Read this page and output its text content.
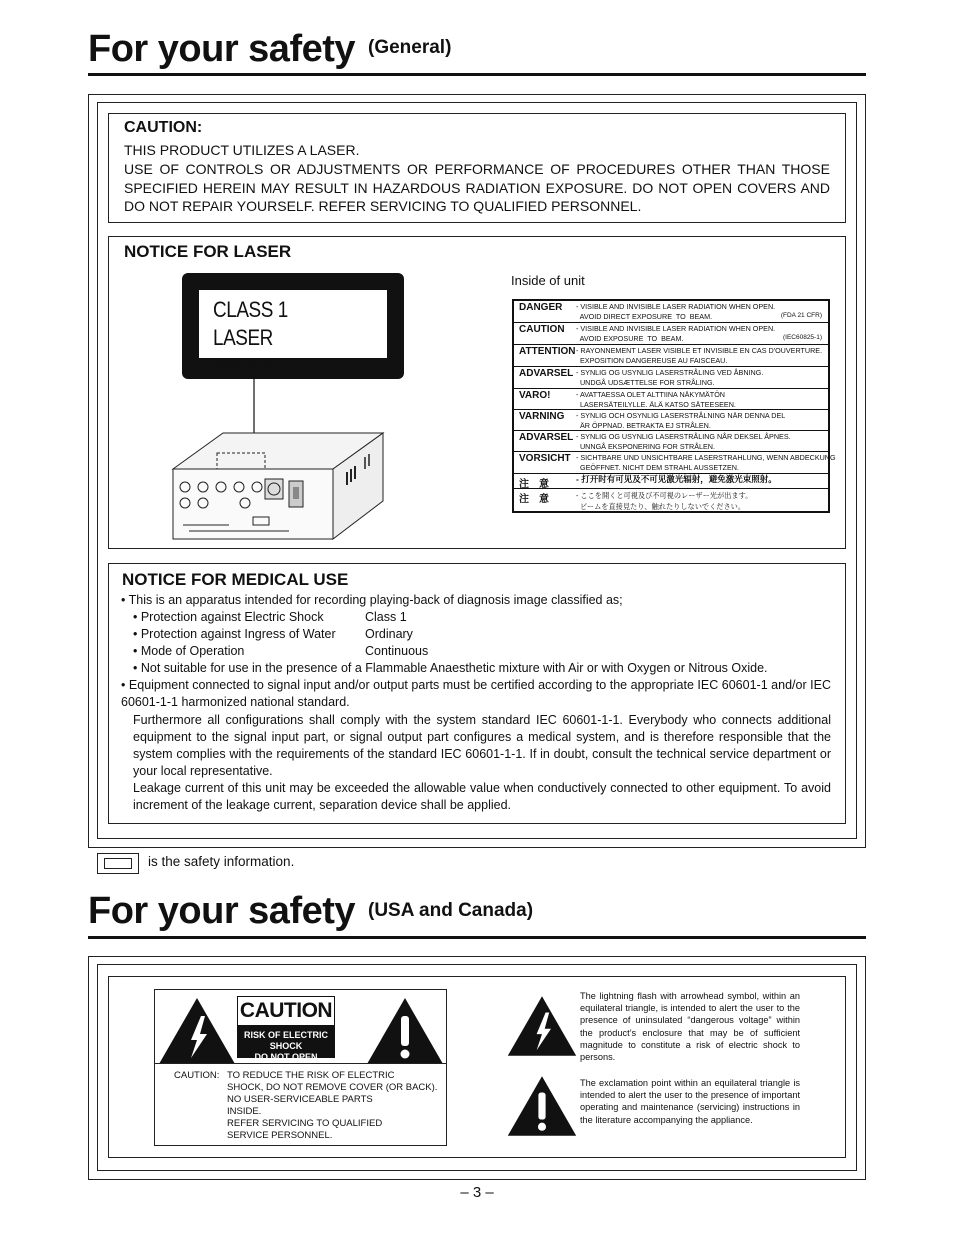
For your safety (General)
CAUTION:

THIS PRODUCT UTILIZES A LASER.

USE OF CONTROLS OR ADJUSTMENTS OR PERFORMANCE OF PROCEDURES OTHER THAN THOSE SPECIFIED HEREIN MAY RESULT IN HAZARDOUS RADIATION EXPOSURE. DO NOT OPEN COVERS AND DO NOT REPAIR YOURSELF. REFER SERVICING TO QUALIFIED PERSONNEL.

NOTICE FOR LASER
CLASS 1
LASER PRODUCT
Inside of unit
DANGER - VISIBLE AND INVISIBLE LASER RADIATION WHEN OPEN.
AVOID DIRECT EXPOSURE  TO  BEAM.	(FDA 21 CFR)
CAUTION - VISIBLE AND INVISIBLE LASER RADIATION WHEN OPEN.
AVOID EXPOSURE  TO  BEAM.	(IEC60825-1)
ATTENTION - RAYONNEMENT LASER VISIBLE ET INVISIBLE EN CAS D'OUVERTURE.
EXPOSITION DANGEREUSE AU FAISCEAU.
ADVARSEL - SYNLIG OG USYNLIG LASERSTRÅLING VED ÅBNING.
UNDGÅ UDSÆTTELSE FOR STRÅLING.
VARO!	- AVATTAESSA OLET ALTTIINA NÄKYMÄTÖN
LASERSÄTEILYLLE. ÄLÄ KATSO SÄTEESEEN.
VARNING - SYNLIG OCH OSYNLIG LASERSTRÅLNING NÄR DENNA DEL
ÄR ÖPPNAD. BETRAKTA EJ STRÅLEN.
ADVARSEL - SYNLIG OG USYNLIG LASERSTRÅLING NÅR DEKSEL ÅPNES.
UNNGÅ EKSPONERING FOR STRÅLEN.
VORSICHT - SICHTBARE UND UNSICHTBARE LASERSTRAHLUNG, WENN ABDECKUNG
GEÖFFNET. NICHT DEM STRAHL AUSSETZEN.
注　意	- 打开时有可见及不可见激光辐射，避免激光束照射。
注　意	- ここを開くと可視及び不可視のレーザー光が出ます。
ビームを直接見たり、触れたりしないでください。
NOTICE FOR MEDICAL USE

• This is an apparatus intended for recording playing-back of diagnosis image classified as;

• Protection against Electric Shock	Class 1

• Protection against Ingress of Water Ordinary

• Mode of Operation	Continuous

• Not suitable for use in the presence of a Flammable Anaesthetic mixture with Air or with Oxygen or Nitrous Oxide.

• Equipment connected to signal input and/or output parts must be certified according to the appropriate IEC 60601-1 and/or IEC 60601-1-1 harmonized national standard.

Furthermore all configurations shall comply with the system standard IEC 60601-1-1. Everybody who connects additional equipment to the signal input part, or signal output part configures a medical system, and is therefore responsible that the system complies with the requirements of the standard IEC 60601-1-1. If in doubt, consult the technical service department or your local representative.

Leakage current of this unit may be exceeded the allowable value when conductively connected to other equipment. To avoid increment of the leakage current, separation device shall be applied.

is the safety information.
For your safety (USA and Canada)
CAUTION
RISK OF ELECTRIC SHOCK
DO NOT OPEN
CAUTION: TO REDUCE THE RISK OF ELECTRIC
SHOCK, DO NOT REMOVE COVER (OR BACK).
NO USER-SERVICEABLE PARTS
INSIDE.
REFER SERVICING TO QUALIFIED
SERVICE PERSONNEL.
The lightning flash with arrowhead symbol, within an equilateral triangle, is intended to alert the user to the presence of uninsulated “dangerous voltage” within the product’s enclosure that may be of sufficient magnitude to constitute a risk of electric shock to persons.
The exclamation point within an equilateral triangle is intended to alert the user to the presence of important operating and maintenance (servicing) instructions in the literature accompanying the appliance.
– 3 –
